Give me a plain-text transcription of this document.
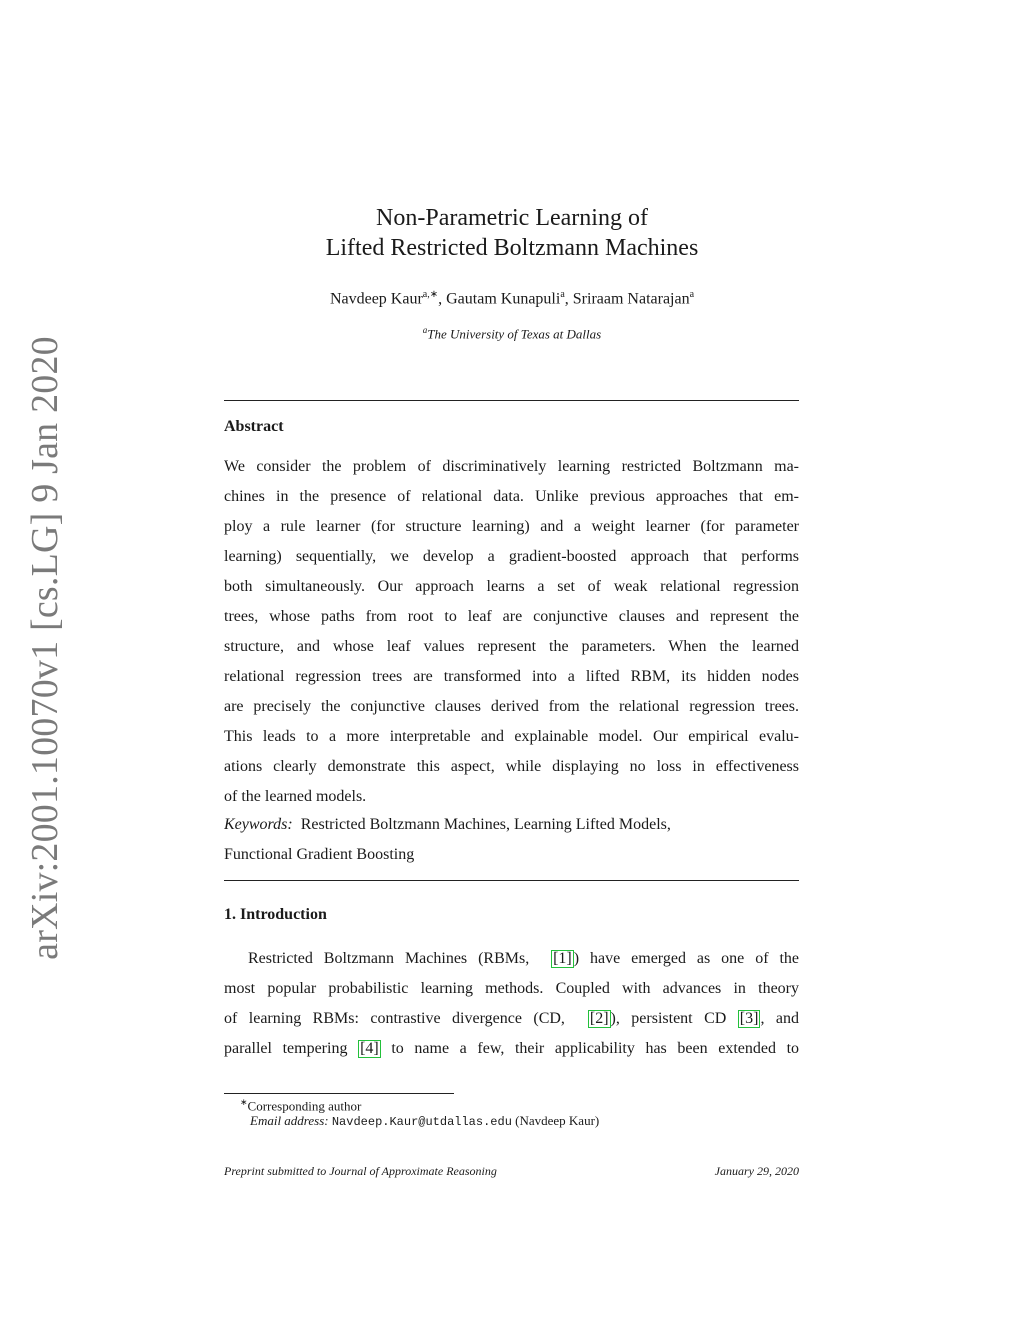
arXiv:2001.10070v1 [cs.LG] 9 Jan 2020
Non-Parametric Learning of
Lifted Restricted Boltzmann Machines
Navdeep Kaur$^{a,∗}$, Gautam Kunapuli$^a$, Sriraam Natarajan$^a$
$^a$The University of Texas at Dallas
Abstract
We consider the problem of discriminatively learning restricted Boltzmann ma-
chines in the presence of relational data. Unlike previous approaches that em-
ploy a rule learner (for structure learning) and a weight learner (for parameter
learning) sequentially, we develop a gradient-boosted approach that performs
both simultaneously. Our approach learns a set of weak relational regression
trees, whose paths from root to leaf are conjunctive clauses and represent the
structure, and whose leaf values represent the parameters. When the learned
relational regression trees are transformed into a lifted RBM, its hidden nodes
are precisely the conjunctive clauses derived from the relational regression trees.
This leads to a more interpretable and explainable model. Our empirical evalu-
ations clearly demonstrate this aspect, while displaying no loss in effectiveness
of the learned models.
Keywords: Restricted Boltzmann Machines, Learning Lifted Models,
Functional Gradient Boosting
1. Introduction
Restricted Boltzmann Machines (RBMs, [1] ) have emerged as one of the
most popular probabilistic learning methods. Coupled with advances in theory
of learning RBMs: contrastive divergence (CD, [2] ), persistent CD [3] , and
parallel tempering [4] to name a few, their applicability has been extended to
∗Corresponding author
Email address: Navdeep.Kaur@utdallas.edu (Navdeep Kaur)
Preprint submitted to Journal of Approximate Reasoning	January 29, 2020
